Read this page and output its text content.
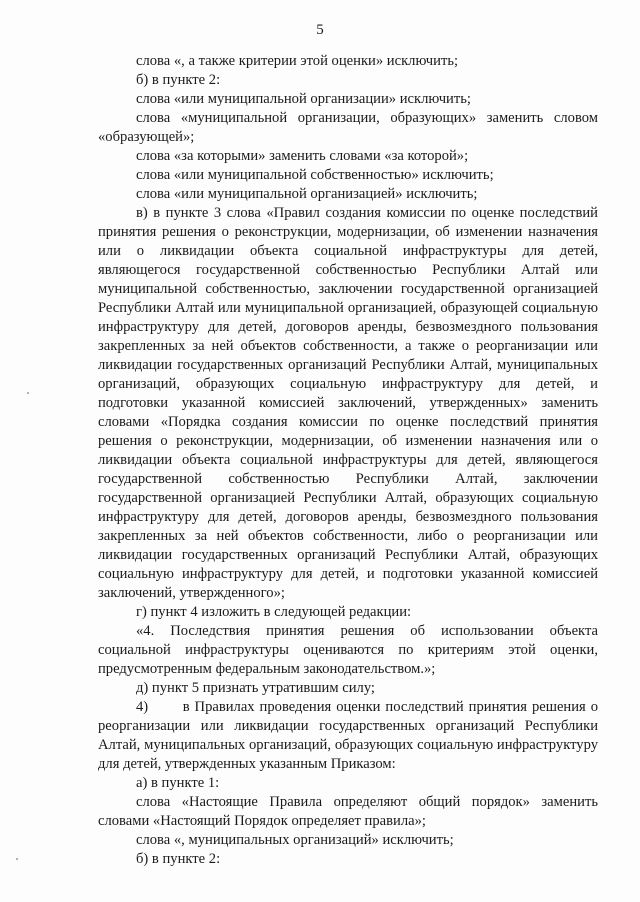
5

слова «, а также критерии этой оценки» исключить;

б) в пункте 2:

слова «или муниципальной организации» исключить;

слова «муниципальной организации, образующих» заменить словом «образующей»;

слова «за которыми» заменить словами «за которой»;

слова «или муниципальной собственностью» исключить;

слова «или муниципальной организацией» исключить;

в) в пункте 3 слова «Правил создания комиссии по оценке последствий принятия решения о реконструкции, модернизации, об изменении назначения или о ликвидации объекта социальной инфраструктуры для детей, являющегося государственной собственностью Республики Алтай или муниципальной собственностью, заключении государственной организацией Республики Алтай или муниципальной организацией, образующей социальную инфраструктуру для детей, договоров аренды, безвозмездного пользования закрепленных за ней объектов собственности, а также о реорганизации или ликвидации государственных организаций Республики Алтай, муниципальных организаций, образующих социальную инфраструктуру для детей, и подготовки указанной комиссией заключений, утвержденных» заменить словами «Порядка создания комиссии по оценке последствий принятия решения о реконструкции, модернизации, об изменении назначения или о ликвидации объекта социальной инфраструктуры для детей, являющегося государственной собственностью Республики Алтай, заключении государственной организацией Республики Алтай, образующих социальную инфраструктуру для детей, договоров аренды, безвозмездного пользования закрепленных за ней объектов собственности, либо о реорганизации или ликвидации государственных организаций Республики Алтай, образующих социальную инфраструктуру для детей, и подготовки указанной комиссией заключений, утвержденного»;

г) пункт 4 изложить в следующей редакции:

«4. Последствия принятия решения об использовании объекта социальной инфраструктуры оцениваются по критериям этой оценки, предусмотренным федеральным законодательством.»;

д) пункт 5 признать утратившим силу;

4)       в Правилах проведения оценки последствий принятия решения о реорганизации или ликвидации государственных организаций Республики Алтай, муниципальных организаций, образующих социальную инфраструктуру для детей, утвержденных указанным Приказом:

а) в пункте 1:

слова «Настоящие Правила определяют общий порядок» заменить словами «Настоящий Порядок определяет правила»;

слова «, муниципальных организаций» исключить;

б) в пункте 2:
